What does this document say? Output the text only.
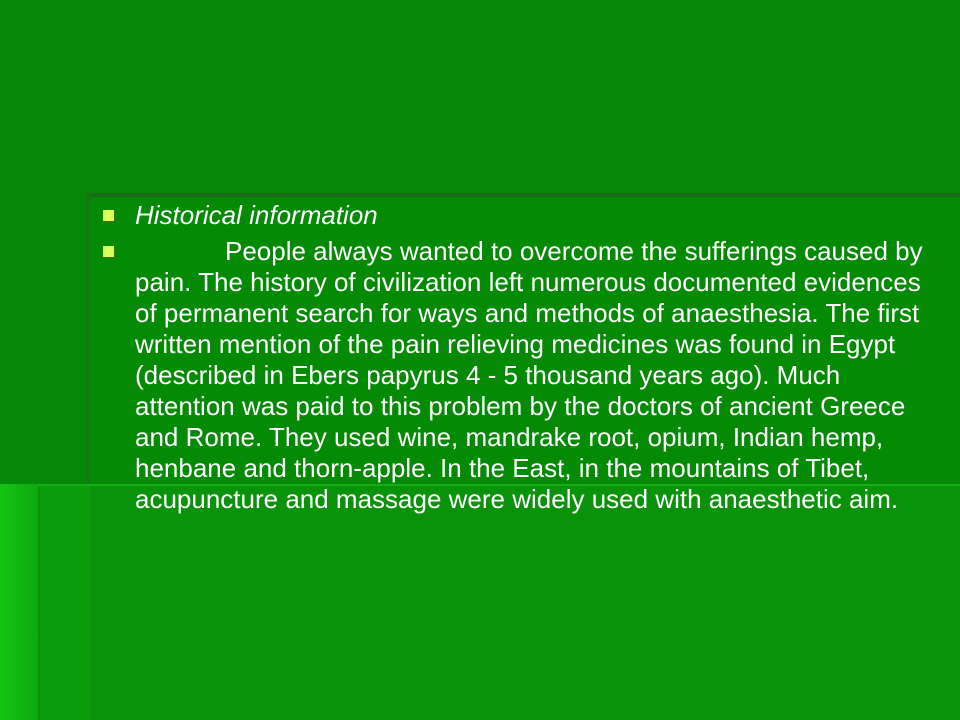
Historical information
People always wanted to overcome the sufferings caused by pain. The history of civilization left numerous documented evidences of permanent search for ways and methods of anaesthesia. The first written mention of the pain relieving medicines was found in Egypt (described in Ebers papyrus 4 - 5 thousand years ago). Much attention was paid to this problem by the doctors of ancient Greece and Rome. They used wine, mandrake root, opium, Indian hemp, henbane and thorn-apple. In the East, in the mountains of Tibet, acupuncture and massage were widely used with anaesthetic aim.
